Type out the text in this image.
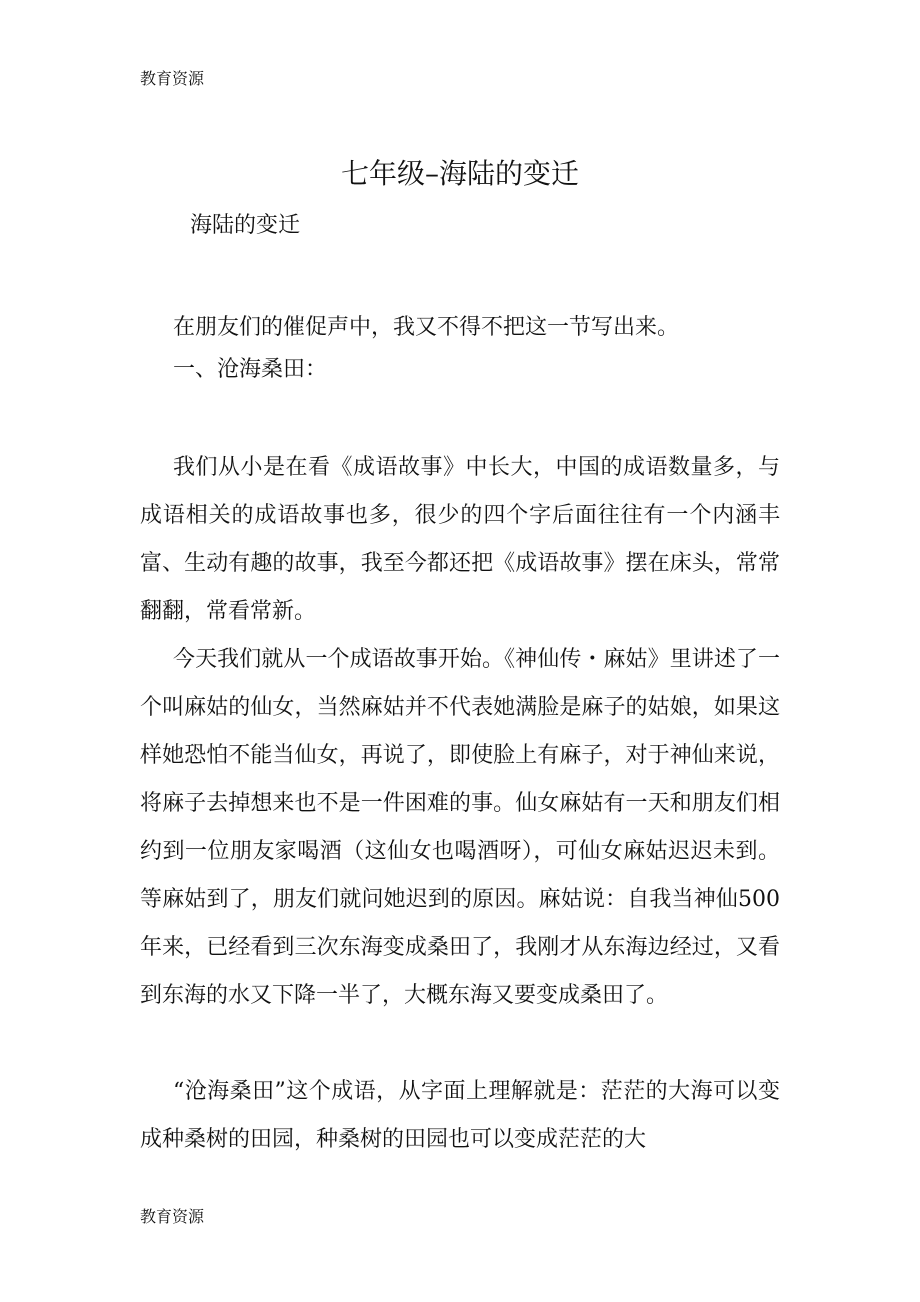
教育资源
七年级–海陆的变迁
海陆的变迁

在朋友们的催促声中，我又不得不把这一节写出来。

一、沧海桑田：

我们从小是在看《成语故事》中长大，中国的成语数量多，与成语相关的成语故事也多，很少的四个字后面往往有一个内涵丰富、生动有趣的故事，我至今都还把《成语故事》摆在床头，常常翻翻，常看常新。

今天我们就从一个成语故事开始。《神仙传・麻姑》里讲述了一个叫麻姑的仙女，当然麻姑并不代表她满脸是麻子的姑娘，如果这样她恐怕不能当仙女，再说了，即使脸上有麻子，对于神仙来说，将麻子去掉想来也不是一件困难的事。仙女麻姑有一天和朋友们相约到一位朋友家喝酒（这仙女也喝酒呀），可仙女麻姑迟迟未到。等麻姑到了，朋友们就问她迟到的原因。麻姑说：自我当神仙500年来，已经看到三次东海变成桑田了，我刚才从东海边经过，又看到东海的水又下降一半了，大概东海又要变成桑田了。

“沧海桑田”这个成语，从字面上理解就是：茫茫的大海可以变成种桑树的田园，种桑树的田园也可以变成茫茫的大

教育资源
